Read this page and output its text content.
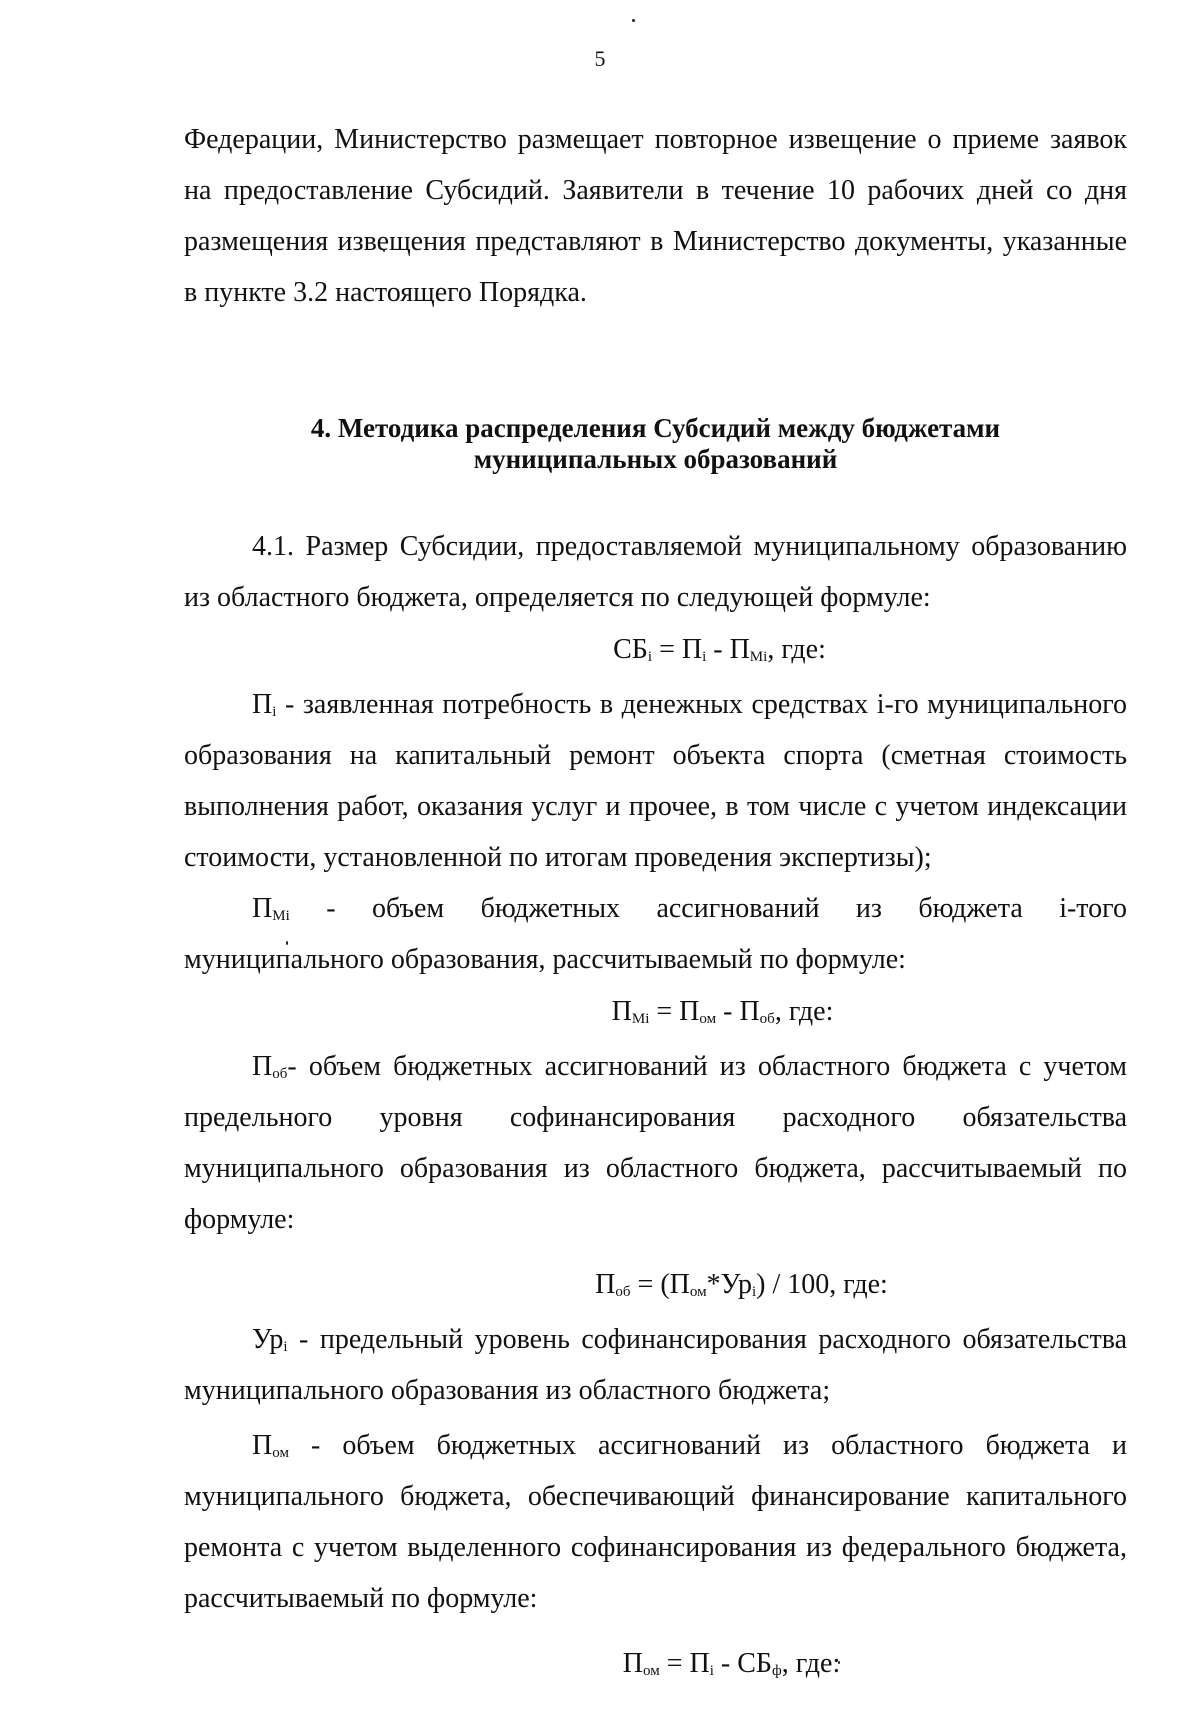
5

Федерации, Министерство размещает повторное извещение о приеме заявок на предоставление Субсидий. Заявители в течение 10 рабочих дней со дня размещения извещения представляют в Министерство документы, указанные в пункте 3.2 настоящего Порядка.

4. Методика распределения Субсидий между бюджетами
муниципальных образований

4.1. Размер Субсидии, предоставляемой муниципальному образованию из областного бюджета, определяется по следующей формуле:

$СБ_i = П_i - П_{Мi}$, где:

$П_i$ - заявленная потребность в денежных средствах i-го муниципального образования на капитальный ремонт объекта спорта (сметная стоимость выполнения работ, оказания услуг и прочее, в том числе с учетом индексации стоимости, установленной по итогам проведения экспертизы);

$П_{Мi}$ - объем бюджетных ассигнований из бюджета i-того

муниципального образования, рассчитываемый по формуле:

$П_{Мi} = П_{ом} - П_{об}$, где:

$П_{об}-$ объем бюджетных ассигнований из областного бюджета с учетом предельного уровня софинансирования расходного обязательства муниципального образования из областного бюджета, рассчитываемый по формуле:

$П_{об} = (П_{ом}*Ур_i) / 100$, где:

$Ур_i$ - предельный уровень софинансирования расходного обязательства муниципального образования из областного бюджета;

$П_{ом}$ - объем бюджетных ассигнований из областного бюджета и муниципального бюджета, обеспечивающий финансирование капитального ремонта с учетом выделенного софинансирования из федерального бюджета, рассчитываемый по формуле:

$П_{ом} = П_i - СБ_ф$, где:
